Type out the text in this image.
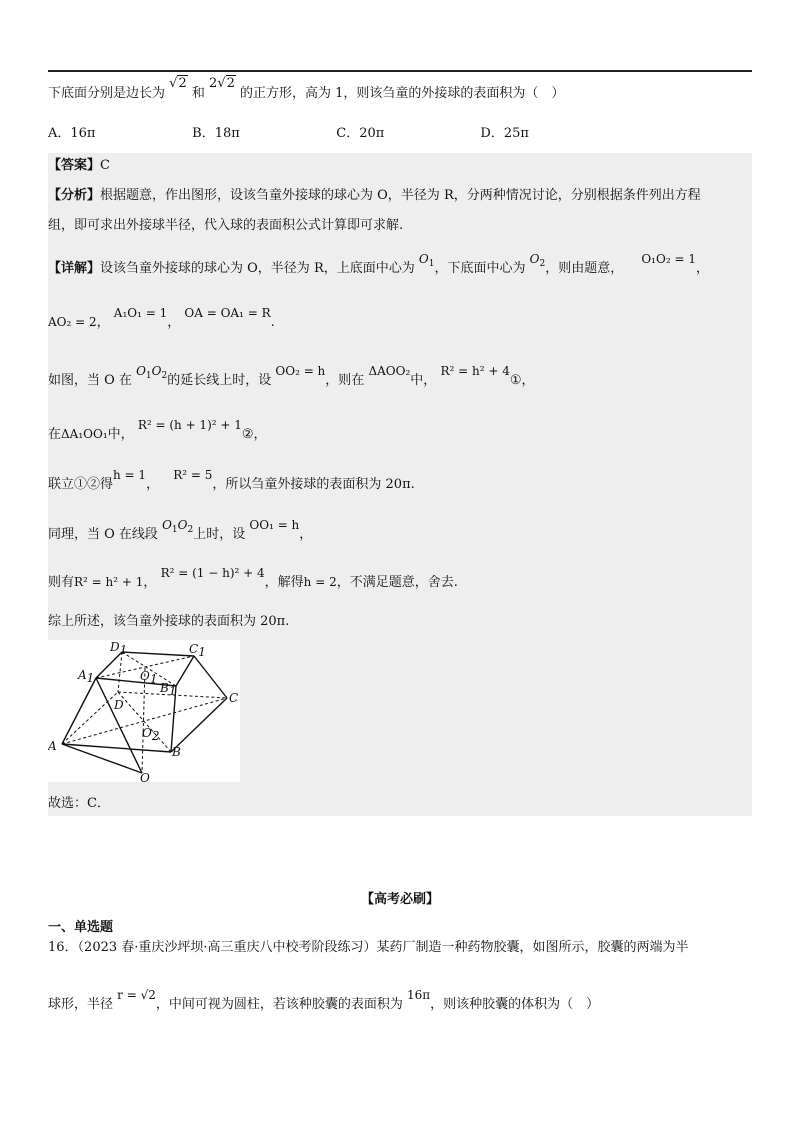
下底面分别是边长为 √2 和 2√2 的正方形，高为 1，则该刍童的外接球的表面积为（　）
A．16π	B．18π	C．20π	D．25π
【答案】C
【分析】根据题意，作出图形，设该刍童外接球的球心为 O，半径为 R，分两种情况讨论，分别根据条件列出方程
组，即可求出外接球半径，代入球的表面积公式计算即可求解.
【详解】设该刍童外接球的球心为 O，半径为 R，上底面中心为 $O_1$，下底面中心为 $O_2$，则由题意， O₁O₂ = 1，
AO₂ = 2， A₁O₁ = 1， OA = OA₁ = R.
如图，当 O 在 $O_1O_2$的延长线上时，设 OO₂ = h，则在 ΔAOO₂中， R² = h² + 4①，
在ΔA₁OO₁中， R² = (h + 1)² + 1②，
联立①②得h = 1， R² = 5，所以刍童外接球的表面积为 20π.
同理，当 O 在线段 $O_1O_2$上时，设 OO₁ = h，
则有R² = h² + 1， R² = (1 − h)² + 4，解得h = 2，不满足题意，舍去.
综上所述，该刍童外接球的表面积为 20π.
D1	C1
A1	O1
B1
D	C
O2
A	B
O
故选：C．
【高考必刷】
一、单选题
16．（2023 春·重庆沙坪坝·高三重庆八中校考阶段练习）某药厂制造一种药物胶囊，如图所示，胶囊的两端为半
球形，半径 r = √2，中间可视为圆柱，若该种胶囊的表面积为 16π，则该种胶囊的体积为（　）
